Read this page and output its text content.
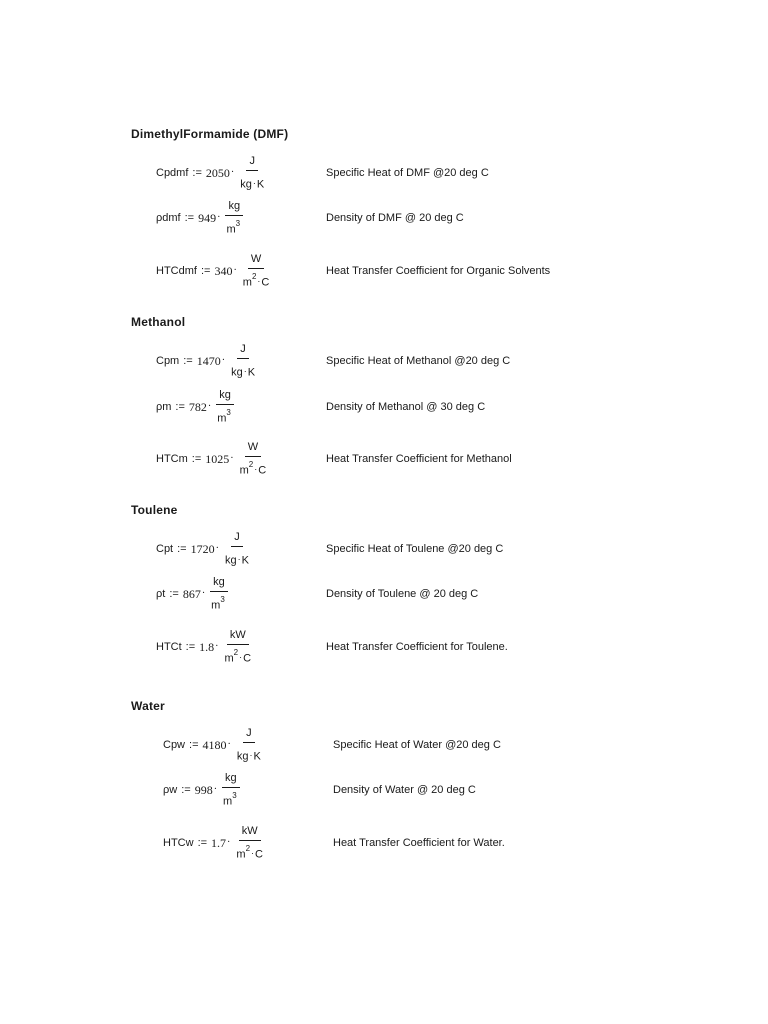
DimethylFormamide (DMF)
Cpdmf := $2050 \cdot \frac{J}{kg\cdot K}$	Specific Heat of DMF @20 deg C
ρdmf := $949 \cdot \frac{kg}{m^3}$	Density of DMF @ 20 deg C
HTCdmf := $340 \cdot \frac{W}{m^2\cdot C}$	Heat Transfer Coefficient for Organic Solvents
Methanol
Cpm := $1470 \cdot \frac{J}{kg\cdot K}$	Specific Heat of Methanol @20 deg C
ρm := $782 \cdot \frac{kg}{m^3}$	Density of Methanol @ 30 deg C
HTCm := $1025 \cdot \frac{W}{m^2\cdot C}$	Heat Transfer Coefficient for Methanol
Toulene
Cpt := $1720 \cdot \frac{J}{kg\cdot K}$	Specific Heat of Toulene @20 deg C
ρt := $867 \cdot \frac{kg}{m^3}$	Density of Toulene @ 20 deg C
HTCt := $1.8 \cdot \frac{kW}{m^2\cdot C}$	Heat Transfer Coefficient for Toulene.
Water
Cpw := $4180 \cdot \frac{J}{kg\cdot K}$	Specific Heat of Water @20 deg C
ρw := $998 \cdot \frac{kg}{m^3}$	Density of Water @ 20 deg C
HTCw := $1.7 \cdot \frac{kW}{m^2\cdot C}$	Heat Transfer Coefficient for Water.
